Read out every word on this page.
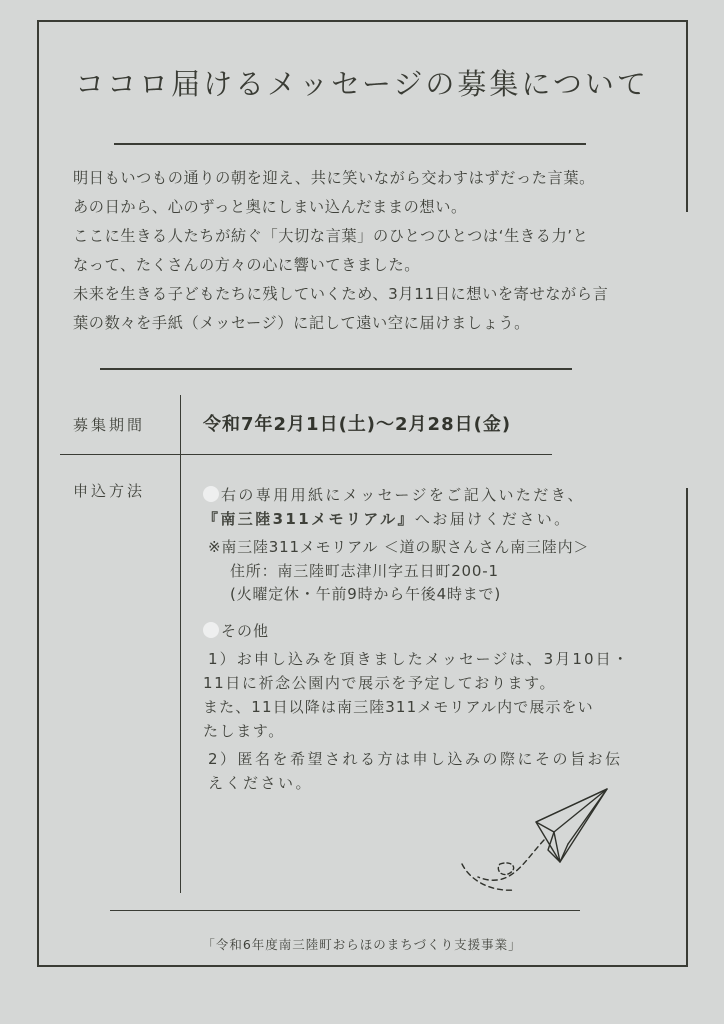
ココロ届けるメッセージの募集について
明日もいつもの通りの朝を迎え、共に笑いながら交わすはずだった言葉。
あの日から、心のずっと奥にしまい込んだままの想い。
ここに生きる人たちが紡ぐ「大切な言葉」のひとつひとつは‘生きる力’と
なって、たくさんの方々の心に響いてきました。
未来を生きる子どもたちに残していくため、3月11日に想いを寄せながら言
葉の数々を手紙（メッセージ）に記して遠い空に届けましょう。
募集期間	令和7年2月1日(土)～2月28日(金)
申込方法	右の専用用紙にメッセージをご記入いただき、
『南三陸311メモリアル』へお届けください。
※南三陸311メモリアル ＜道の駅さんさん南三陸内＞
住所：南三陸町志津川字五日町200-1
(火曜定休・午前9時から午後4時まで)
その他
1）お申し込みを頂きましたメッセージは、3月10日・
11日に祈念公園内で展示を予定しております。
また、11日以降は南三陸311メモリアル内で展示をい
たします。
2）匿名を希望される方は申し込みの際にその旨お伝
えください。
「令和6年度南三陸町おらほのまちづくり支援事業」
